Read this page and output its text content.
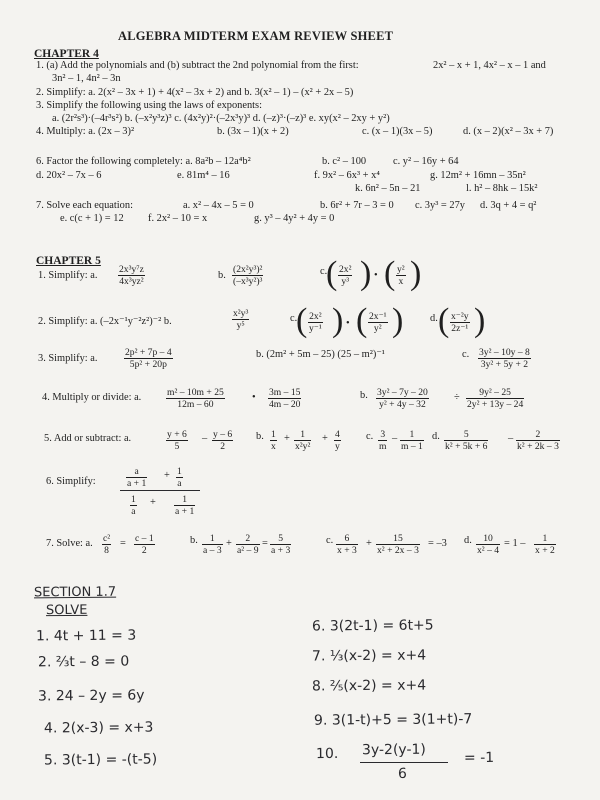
ALGEBRA MIDTERM EXAM REVIEW SHEET
CHAPTER 4
1. (a) Add the polynomials and (b) subtract the 2nd polynomial from the first:	2x² – x + 1, 4x² – x – 1 and
3n² – 1, 4n² – 3n
2. Simplify: a. 2(x² – 3x + 1) + 4(x² – 3x + 2) and b. 3(x² – 1) – (x² + 2x – 5)
3. Simplify the following using the laws of exponents:
a. (2r²s³)·(–4r³s²) b. (–x²y³z)³ c. (4x²y)²·(–2x³y)³ d. (–z)³·(–z)³ e. xy(x² – 2xy + y²)
4. Multiply: a. (2x – 3)²	b. (3x – 1)(x + 2)	c. (x – 1)(3x – 5)	d. (x – 2)(x² – 3x + 7)
6. Factor the following completely: a. 8a²b – 12a⁴b²	b. c² – 100	c. y² – 16y + 64
d. 20x² – 7x – 6	e. 81m⁴ – 16	f. 9x² – 6x³ + x⁴	g. 12m² + 16mn – 35n²
k. 6n² – 5n – 21	l. h² – 8hk – 15k²
7. Solve each equation:	a. x² – 4x – 5 = 0	b. 6r² + 7r – 3 = 0 c. 3y³ = 27y d. 3q + 4 = q²
e. c(c + 1) = 12 f. 2x² – 10 = x	g. y³ – 4y² + 4y = 0
CHAPTER 5
1. Simplify: a. $\frac{\text{2x³y⁷z}}{\text{4x³yz²}}$	b. $\frac{\text{(2x²y³)²}}{\text{(–x³y²)³}}$	c.
( $\frac{\text{2x²}}{\text{y³}}$ ) • ( $\frac{\text{y²}}{x}$ )
2. Simplify: a. (–2x⁻¹y⁻²z²)⁻² b.	$\frac{\text{x²y³}}{\text{y⁵}}$	c.
( $\frac{\text{2x²}}{\text{y⁻¹}}$ ) • ( $\frac{\text{2x⁻¹}}{\text{y²}}$ )	d. ( $\frac{\text{x⁻²y}}{\text{2z⁻¹}}$ )
3. Simplify: a.	$\frac{\text{2p² + 7p – 4}}{\text{5p² + 20p}}$	b. (2m² + 5m – 25) (25 – m²)⁻¹	c. $\frac{\text{3y² – 10y – 8}}{\text{3y² + 5y + 2}}$
4. Multiply or divide: a.	$\frac{\text{m² – 10m + 25}}{12m - 60}$	• $\frac{3m - 15}{4m - 20}$	b. $\frac{\text{3y² – 7y – 20}}{\text{y² + 4y – 32}} \div \frac{\text{9y² – 25}}{\text{2y² + 13y – 24}}$
5. Add or subtract: a.	$\frac{y + 6}{5} - \frac{y - 6}{2} b$. $\frac{1}{x} + \frac{1}{\text{x²y²}} + \frac{4}{y} c$. $\frac{3}{m} - \frac{1}{m - 1} d$. $\frac{5}{\text{k² + 5k + 6}} - \frac{2}{\text{k² + 2k – 3}}$
6. Simplify:	$\frac{a}{a + 1} + \frac{1}{a}$
$\frac{1}{a} + \frac{1}{a + 1}$
7. Solve: a. $\frac{\text{c²}}{8} = \frac{c - 1}{2}$	b. $\frac{1}{a - 3} + \frac{2}{\text{a² – 9}} = \frac{5}{a + 3}$	c. $\frac{6}{x + 3} + \frac{15}{\text{x² + 2x – 3}} = -3$ d. $\frac{10}{\text{x² – 4}} = 1 - \frac{1}{x + 2}$
SECTION 1.7
SOLVE
1. 4t + 11 = 3
2. ⅔t – 8 = 0
3. 24 – 2y = 6y
4. 2(x-3) = x+3
5. 3(t-1) = -(t-5)
6. 3(2t-1) = 6t+5
7. ⅓(x-2) = x+4
8. ⅖(x-2) = x+4
9. 3(1-t)+5 = 3(1+t)-7
10. 3y-2(y-1)
6
= -1
